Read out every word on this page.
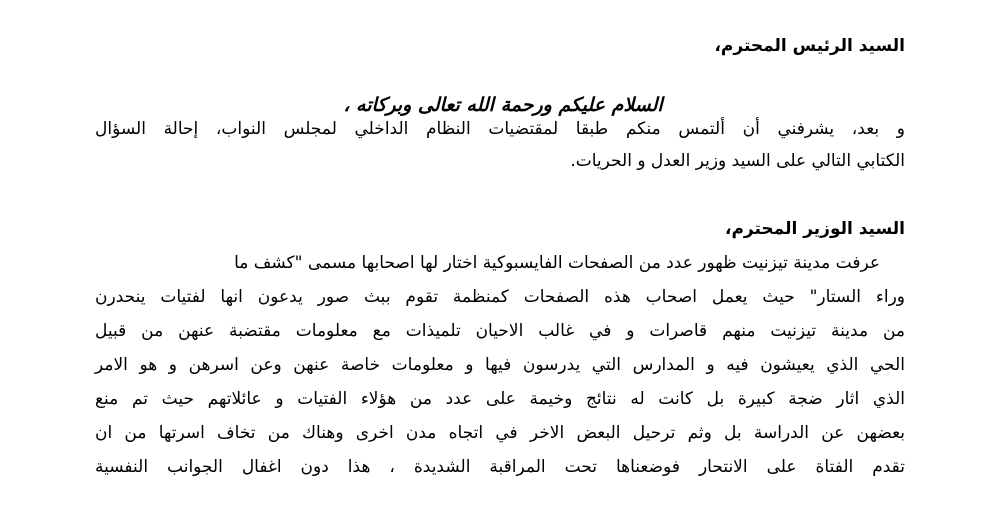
السيد الرئيس المحترم،

السلام عليكم ورحمة الله تعالى وبركاته ،

و بعد، يشرفني أن ألتمس منكم طبقا لمقتضيات النظام الداخلي لمجلس النواب، إحالة السؤال

الكتابي التالي على السيد وزير العدل و الحريات.

السيد الوزير المحترم،

عرفت مدينة تيزنيت ظهور عدد من الصفحات الفايسبوكية اختار لها اصحابها مسمى "كشف ما

وراء الستار" حيث يعمل اصحاب هذه الصفحات كمنظمة تقوم ببث صور يدعون انها لفتيات ينحدرن

من مدينة تيزنيت منهم قاصرات و في غالب الاحيان تلميذات مع معلومات مقتضبة عنهن من قبيل

الحي الذي يعيشون فيه و المدارس التي يدرسون فيها و معلومات خاصة عنهن وعن اسرهن و هو الامر

الذي اثار ضجة كبيرة بل كانت له نتائج وخيمة على عدد من هؤلاء الفتيات و عائلاتهم حيث تم منع

بعضهن عن الدراسة بل وثم ترحيل البعض الاخر في اتجاه مدن اخرى وهناك من تخاف اسرتها من ان

تقدم الفتاة على الانتحار فوضعناها تحت المراقبة الشديدة ، هذا دون اغفال الجوانب النفسية
